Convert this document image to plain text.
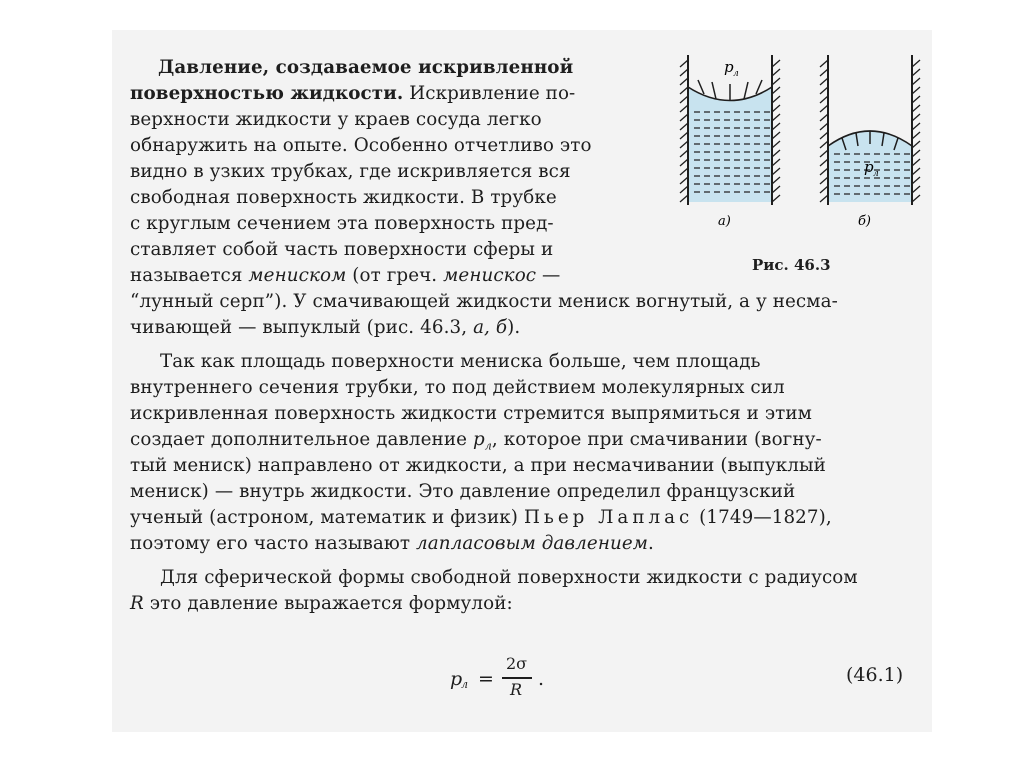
p л
p л
а)	б)
Рис. 46.3
Давление, создаваемое искривленной
поверхностью жидкости. Искривление по-
верхности жидкости у краев сосуда легко
обнаружить на опыте. Особенно отчетливо это
видно в узких трубках, где искривляется вся
свободная поверхность жидкости. В трубке
с круглым сечением эта поверхность пред-
ставляет собой часть поверхности сферы и
называется мениском (от греч. менискос —
“лунный серп”). У смачивающей жидкости мениск вогнутый, а у несма-
чивающей — выпуклый (рис. 46.3, а, б).
Так как площадь поверхности мениска больше, чем площадь
внутреннего сечения трубки, то под действием молекулярных сил
искривленная поверхность жидкости стремится выпрямиться и этим
создает дополнительное давление $p_л$, которое при смачивании (вогну-
тый мениск) направлено от жидкости, а при несмачивании (выпуклый
мениск) — внутрь жидкости. Это давление определил французский
ученый (астроном, математик и физик) Пьер Лаплас (1749—1827),
поэтому его часто называют лапласовым давлением.
Для сферической формы свободной поверхности жидкости с радиусом
R это давление выражается формулой:
p
л =
2σ
R .	(46.1)
